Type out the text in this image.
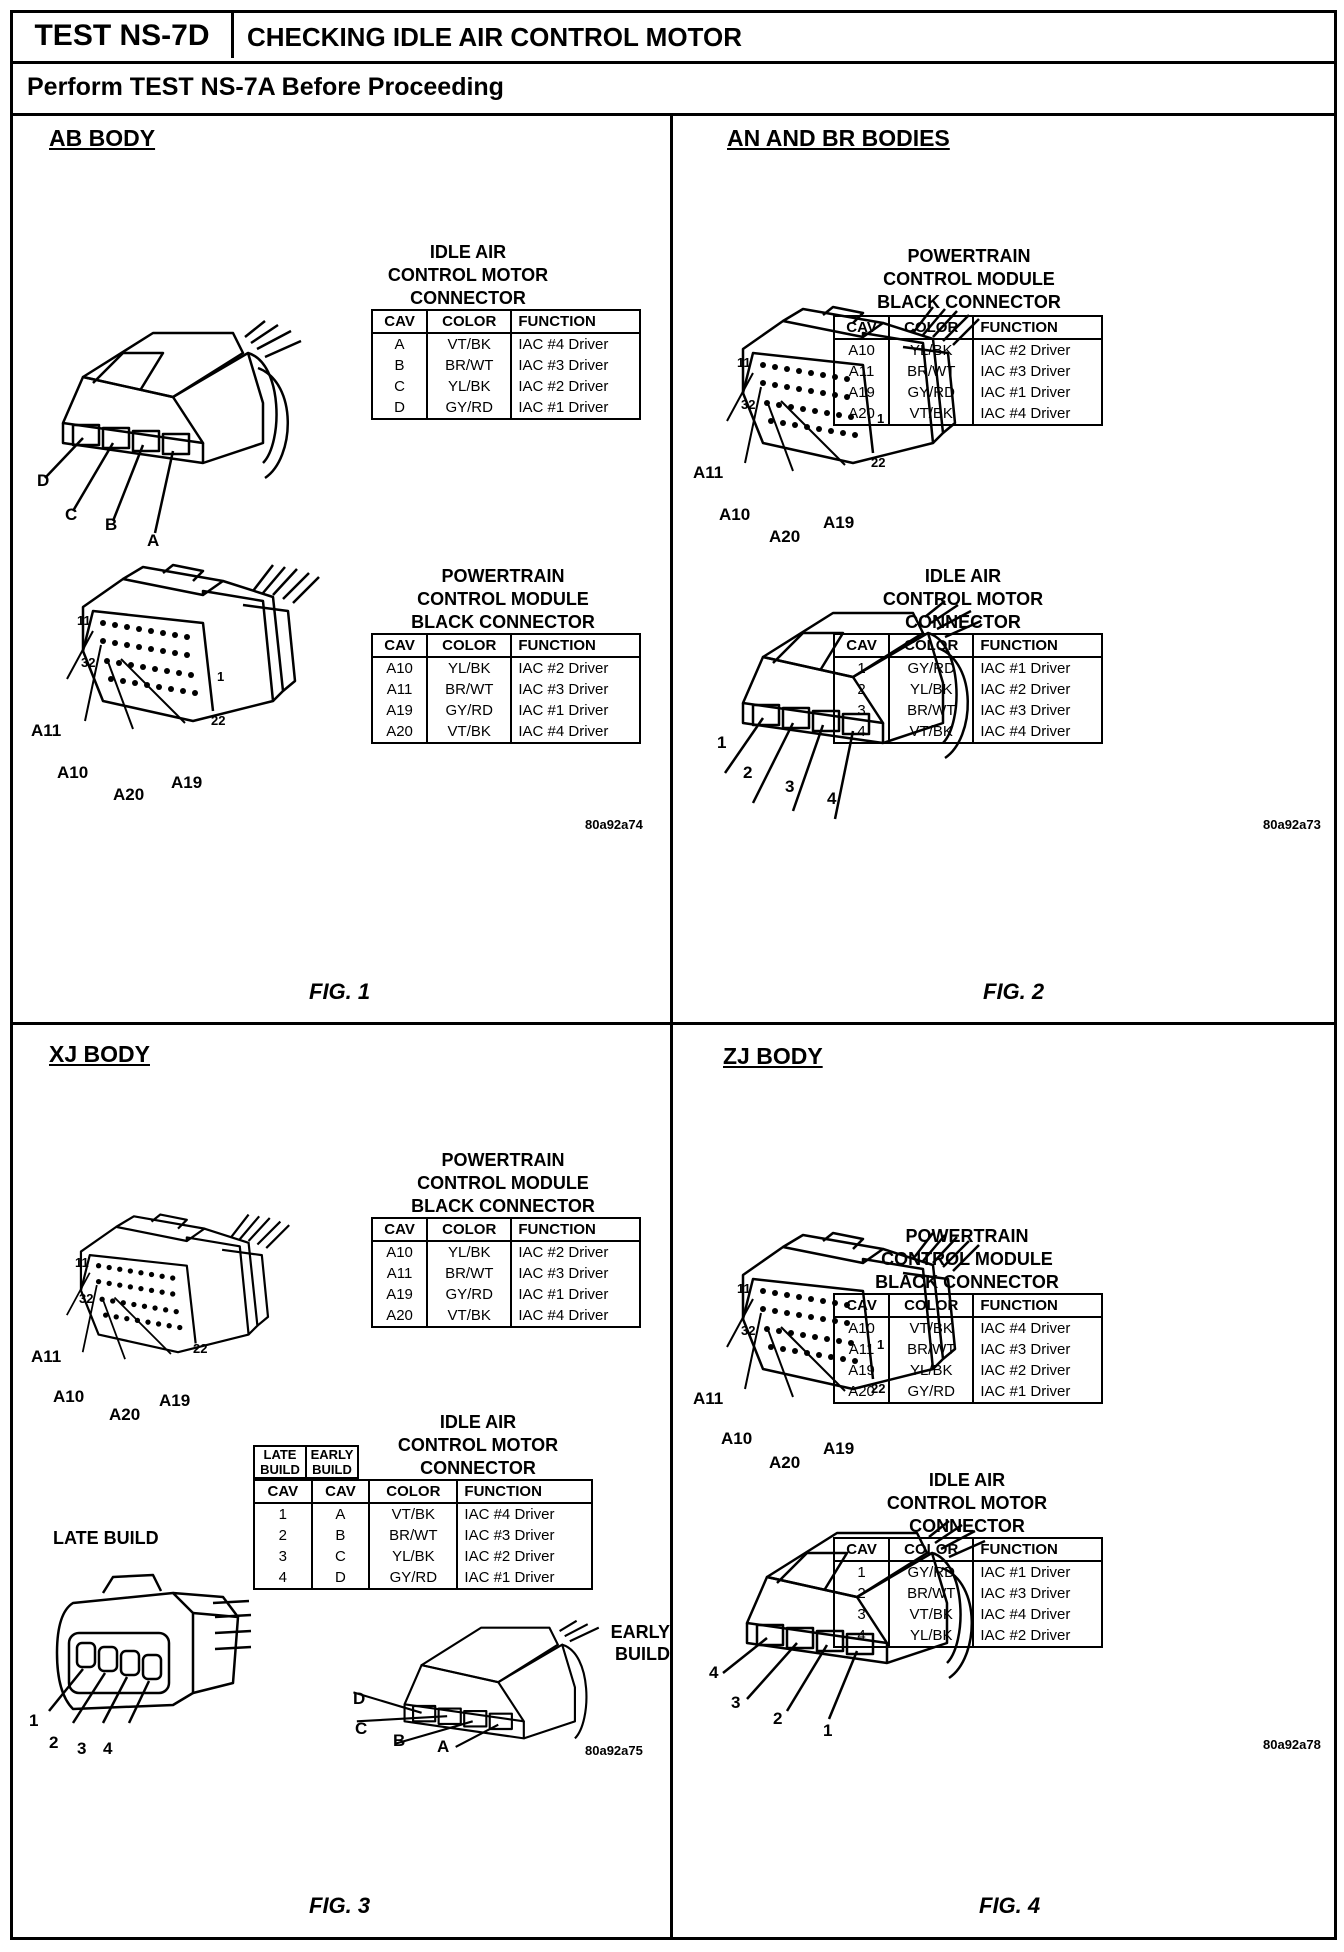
TEST NS-7D	CHECKING IDLE AIR CONTROL MOTOR
Perform TEST NS-7A Before Proceeding
AB BODY
D
C
B
A
IDLE AIR
CONTROL MOTOR
CONNECTOR
CAV	COLOR	FUNCTION
A	VT/BK	IAC #4 Driver
B	BR/WT	IAC #3 Driver
C	YL/BK	IAC #2 Driver
D	GY/RD	IAC #1 Driver
11
32
1
22
A11
A10
A20
A19
POWERTRAIN
CONTROL MODULE
BLACK CONNECTOR
CAV	COLOR	FUNCTION
A10	YL/BK	IAC #2 Driver
A11	BR/WT	IAC #3 Driver
A19	GY/RD	IAC #1 Driver
A20	VT/BK	IAC #4 Driver
80a92a74
FIG. 1
AN AND BR BODIES
11
32
1
22
A11
A10
A20
A19
POWERTRAIN
CONTROL MODULE
BLACK CONNECTOR
CAV	COLOR	FUNCTION
A10	YL/BK	IAC #2 Driver
A11	BR/WT	IAC #3 Driver
A19	GY/RD	IAC #1 Driver
A20	VT/BK	IAC #4 Driver
1
2
3
4
IDLE AIR
CONTROL MOTOR
CONNECTOR
CAV	COLOR	FUNCTION
1	GY/RD	IAC #1 Driver
2	YL/BK	IAC #2 Driver
3	BR/WT	IAC #3 Driver
4	VT/BK	IAC #4 Driver
80a92a73
FIG. 2
XJ BODY
11
32
22
A11
A10
A20
A19
POWERTRAIN
CONTROL MODULE
BLACK CONNECTOR
CAV	COLOR	FUNCTION
A10	YL/BK	IAC #2 Driver
A11	BR/WT	IAC #3 Driver
A19	GY/RD	IAC #1 Driver
A20	VT/BK	IAC #4 Driver
IDLE AIR
CONTROL MOTOR
CONNECTOR
LATE BUILD
EARLY BUILD
CAV	CAV	COLOR	FUNCTION
1	A	VT/BK	IAC #4 Driver
2	B	BR/WT	IAC #3 Driver
3	C	YL/BK	IAC #2 Driver
4	D	GY/RD	IAC #1 Driver
LATE BUILD
1
2 3 4
EARLY BUILD
D
C
B A	80a92a75
FIG. 3
ZJ BODY
11
32
1
22
A11
A10
A20
A19
POWERTRAIN
CONTROL MODULE
BLACK CONNECTOR
CAV	COLOR	FUNCTION
A10	VT/BK	IAC #4 Driver
A11	BR/WT	IAC #3 Driver
A19	YL/BK	IAC #2 Driver
A20	GY/RD	IAC #1 Driver
4
3
2
1
IDLE AIR
CONTROL MOTOR
CONNECTOR
CAV	COLOR	FUNCTION
1	GY/RD	IAC #1 Driver
2	BR/WT	IAC #3 Driver
3	VT/BK	IAC #4 Driver
4	YL/BK	IAC #2 Driver
80a92a78
FIG. 4
